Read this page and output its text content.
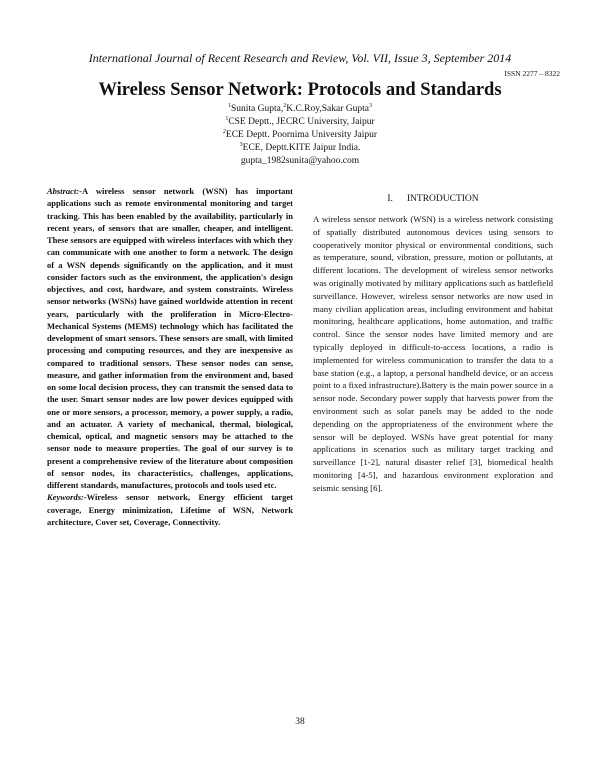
International Journal of Recent Research and Review, Vol. VII, Issue 3, September 2014

ISSN 2277 – 8322

Wireless Sensor Network: Protocols and Standards
$^1$Sunita Gupta,$^2$K.C.Roy,Sakar Gupta$^3$
$^1$CSE Deptt., JECRC University, Jaipur
$^2$ECE Deptt. Poornima University Jaipur
$^3$ECE, Deptt.KITE Jaipur India.
gupta_1982sunita@yahoo.com

Abstract:-A wireless sensor network (WSN) has important applications such as remote environmental monitoring and target tracking. This has been enabled by the availability, particularly in recent years, of sensors that are smaller, cheaper, and intelligent. These sensors are equipped with wireless interfaces with which they can communicate with one another to form a network. The design of a WSN depends significantly on the application, and it must consider factors such as the environment, the application's design objectives, and cost, hardware, and system constraints. Wireless sensor networks (WSNs) have gained worldwide attention in recent years, particularly with the proliferation in Micro-Electro-Mechanical Systems (MEMS) technology which has facilitated the development of smart sensors. These sensors are small, with limited processing and computing resources, and they are inexpensive as compared to traditional sensors. These sensor nodes can sense, measure, and gather information from the environment and, based on some local decision process, they can transmit the sensed data to the user. Smart sensor nodes are low power devices equipped with one or more sensors, a processor, memory, a power supply, a radio, and an actuator. A variety of mechanical, thermal, biological, chemical, optical, and magnetic sensors may be attached to the sensor node to measure properties. The goal of our survey is to present a comprehensive review of the literature about composition of sensor nodes, its characteristics, challenges, applications, different standards, manufactures, protocols and tools used etc.

Keywords:-Wireless sensor network, Energy efficient target coverage, Energy minimization, Lifetime of WSN, Network architecture, Cover set, Coverage, Connectivity.

I. INTRODUCTION

A wireless sensor network (WSN) is a wireless network consisting of spatially distributed autonomous devices using sensors to cooperatively monitor physical or environmental conditions, such as temperature, sound, vibration, pressure, motion or pollutants, at different locations. The development of wireless sensor networks was originally motivated by military applications such as battlefield surveillance. However, wireless sensor networks are now used in many civilian application areas, including environment and habitat monitoring, healthcare applications, home automation, and traffic control. Since the sensor nodes have limited memory and are typically deployed in difficult-to-access locations, a radio is implemented for wireless communication to transfer the data to a base station (e.g., a laptop, a personal handheld device, or an access point to a fixed infrastructure).Battery is the main power source in a sensor node. Secondary power supply that harvests power from the environment such as solar panels may be added to the node depending on the appropriateness of the environment where the sensor will be deployed. WSNs have great potential for many applications in scenarios such as military target tracking and surveillance [1-2], natural disaster relief [3], biomedical health monitoring [4-5], and hazardous environment exploration and seismic sensing [6].

38
